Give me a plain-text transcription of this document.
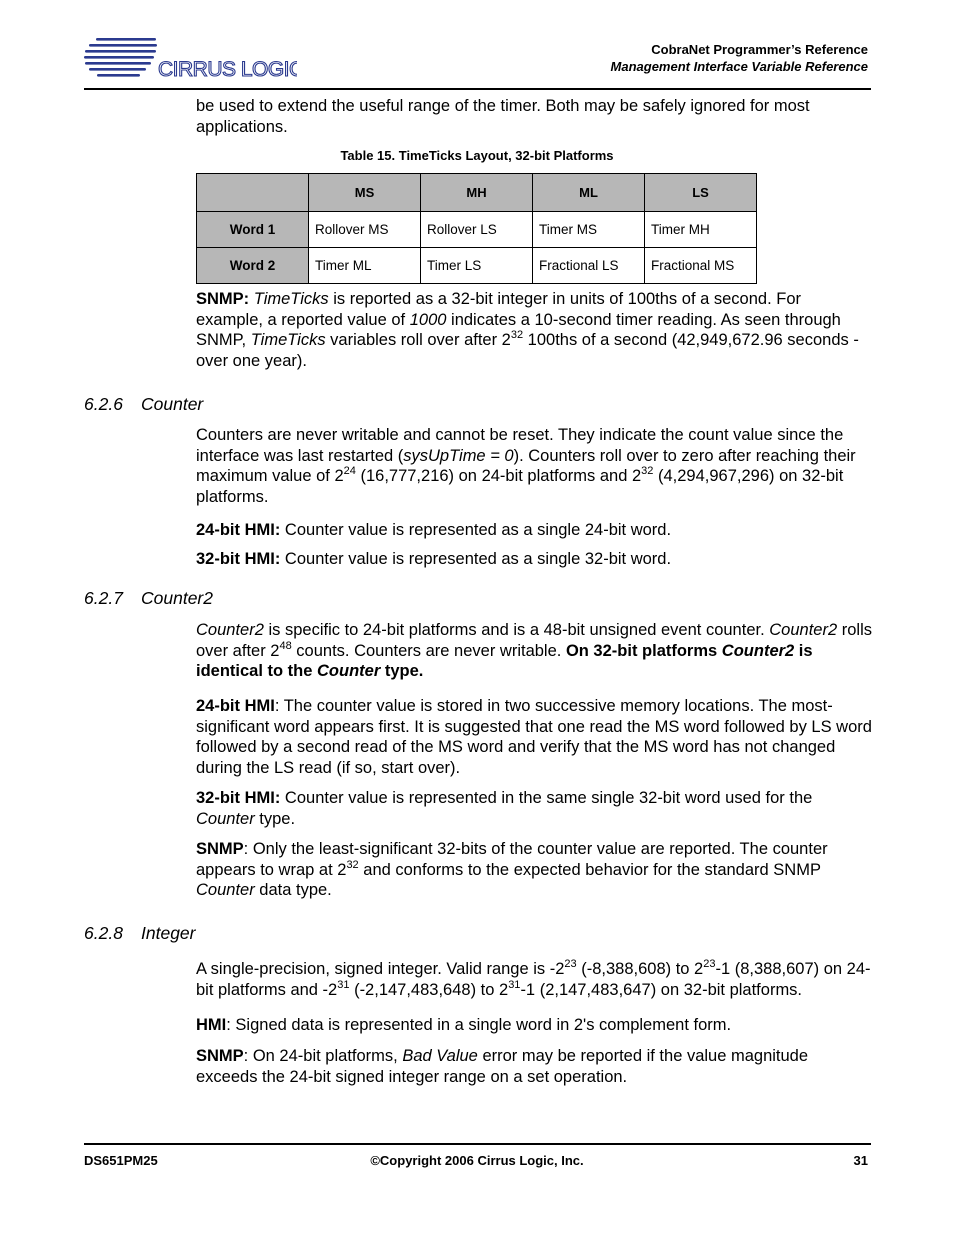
CIRRUS LOGIC
CobraNet Programmer’s Reference
Management Interface Variable Reference

be used to extend the useful range of the timer. Both may be safely ignored for most applications.

Table 15. TimeTicks Layout, 32-bit Platforms
	MS	MH	ML	LS
Word 1	Rollover MS	Rollover LS	Timer MS	Timer MH
Word 2	Timer ML	Timer LS	Fractional LS	Fractional MS

SNMP: TimeTicks is reported as a 32-bit integer in units of 100ths of a second. For example, a reported value of 1000 indicates a 10-second timer reading. As seen through SNMP, TimeTicks variables roll over after $2^{32}$ 100ths of a second (42,949,672.96 seconds - over one year).

6.2.6 Counter

Counters are never writable and cannot be reset. They indicate the count value since the interface was last restarted (sysUpTime = 0). Counters roll over to zero after reaching their maximum value of $2^{24}$ (16,777,216) on 24-bit platforms and $2^{32}$ (4,294,967,296) on 32-bit platforms.

24-bit HMI: Counter value is represented as a single 24-bit word.

32-bit HMI: Counter value is represented as a single 32-bit word.

6.2.7 Counter2

Counter2 is specific to 24-bit platforms and is a 48-bit unsigned event counter. Counter2 rolls over after $2^{48}$ counts. Counters are never writable. On 32-bit platforms Counter2 is identical to the Counter type.

24-bit HMI: The counter value is stored in two successive memory locations. The most-significant word appears first. It is suggested that one read the MS word followed by LS word followed by a second read of the MS word and verify that the MS word has not changed during the LS read (if so, start over).

32-bit HMI: Counter value is represented in the same single 32-bit word used for the Counter type.

SNMP: Only the least-significant 32-bits of the counter value are reported. The counter appears to wrap at $2^{32}$ and conforms to the expected behavior for the standard SNMP Counter data type.

6.2.8 Integer

A single-precision, signed integer. Valid range is $-2^{23}$ (-8,388,608) to $2^{23}-1$ (8,388,607) on 24-bit platforms and $-2^{31}$ (-2,147,483,648) to $2^{31}-1$ (2,147,483,647) on 32-bit platforms.

HMI: Signed data is represented in a single word in 2's complement form.

SNMP: On 24-bit platforms, Bad Value error may be reported if the value magnitude exceeds the 24-bit signed integer range on a set operation.

DS651PM25	©Copyright 2006 Cirrus Logic, Inc.	31
